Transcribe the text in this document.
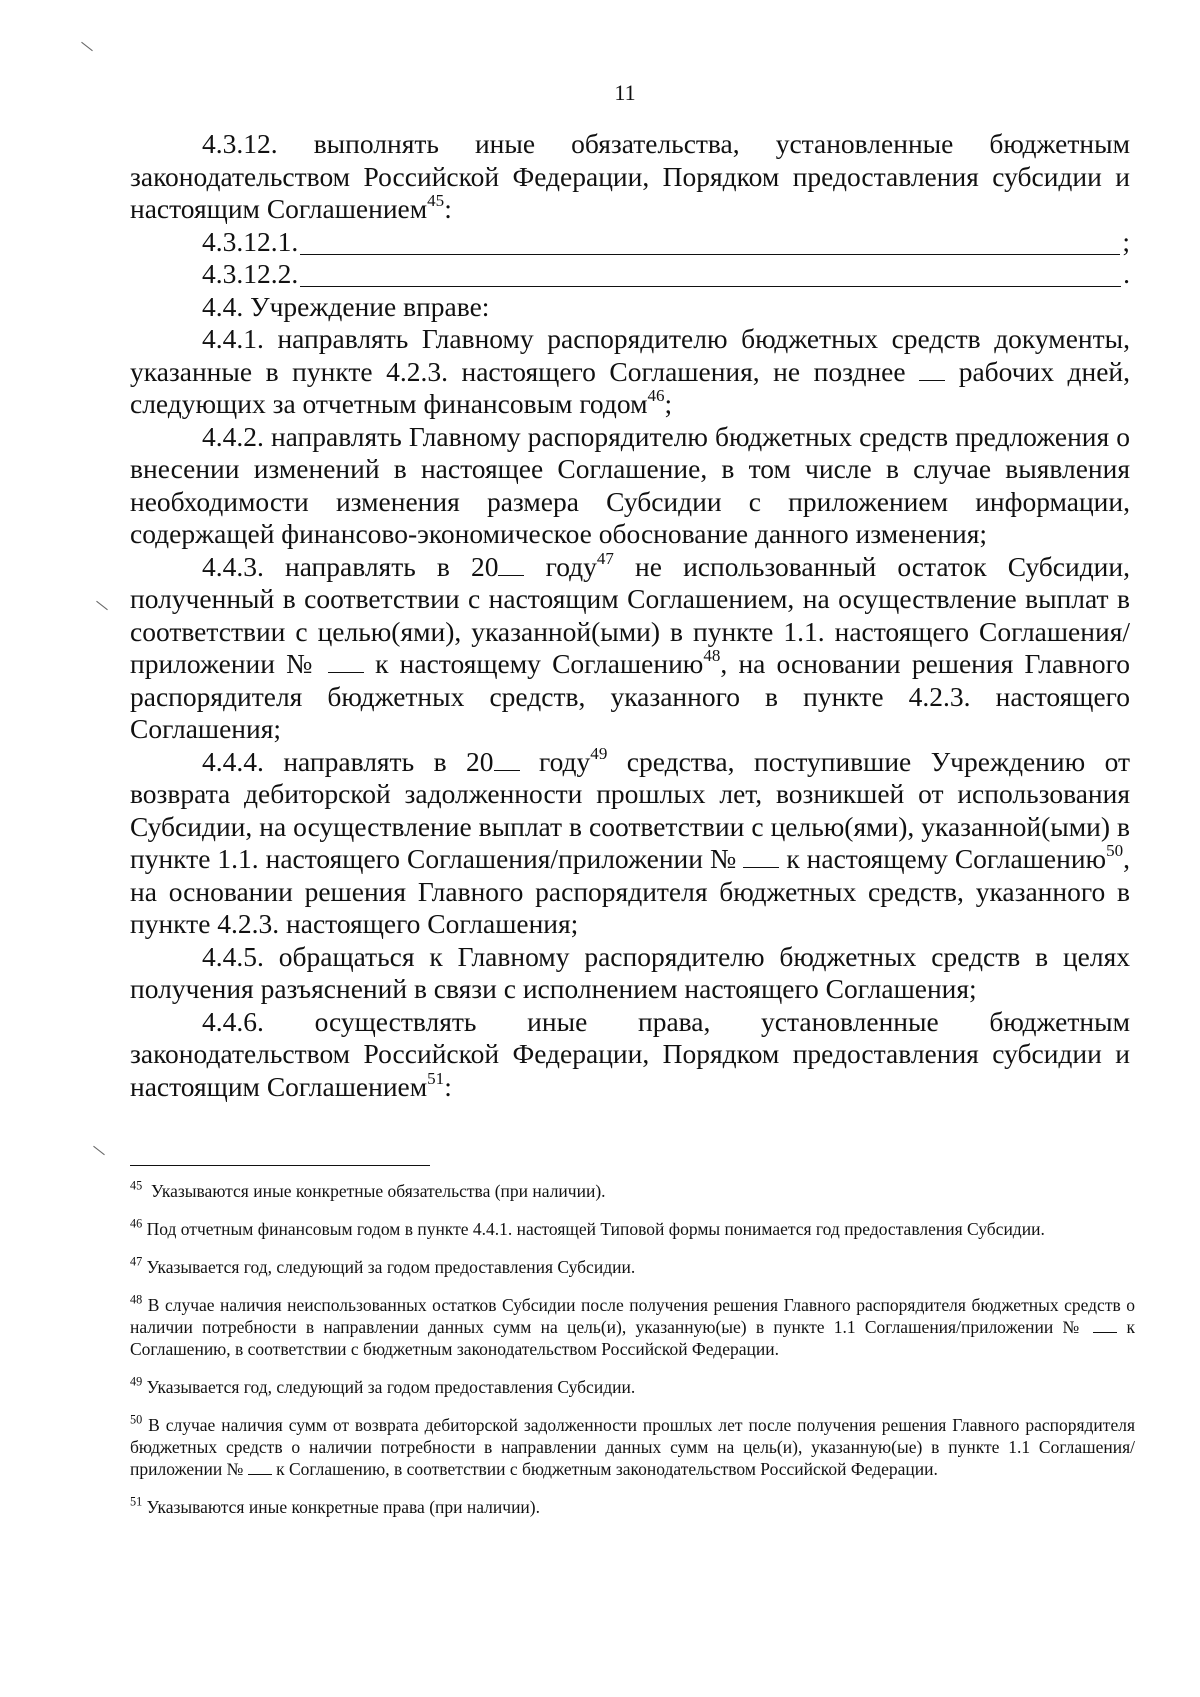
11

4.3.12. выполнять иные обязательства, установленные бюджетным законодательством Российской Федерации, Порядком предоставления субсидии и настоящим Соглашением$^{45}$:

4.3.12.1.	;
4.3.12.2.	.

4.4. Учреждение вправе:

4.4.1. направлять Главному распорядителю бюджетных средств документы, указанные в пункте 4.2.3. настоящего Соглашения, не позднее рабочих дней, следующих за отчетным финансовым годом$^{46}$;

4.4.2. направлять Главному распорядителю бюджетных средств предложения о внесении изменений в настоящее Соглашение, в том числе в случае выявления необходимости изменения размера Субсидии с приложением информации, содержащей финансово-экономическое обоснование данного изменения;

4.4.3. направлять в 20 году$^{47}$ не использованный остаток Субсидии, полученный в соответствии с настоящим Соглашением, на осуществление выплат в соответствии с целью(ями), указанной(ыми) в пункте 1.1. настоящего Соглашения/приложении № к настоящему Соглашению$^{48}$, на основании решения Главного распорядителя бюджетных средств, указанного в пункте 4.2.3. настоящего Соглашения;

4.4.4. направлять в 20 году$^{49}$ средства, поступившие Учреждению от возврата дебиторской задолженности прошлых лет, возникшей от использования Субсидии, на осуществление выплат в соответствии с целью(ями), указанной(ыми) в пункте 1.1. настоящего Соглашения/приложении № к настоящему Соглашению$^{50}$, на основании решения Главного распорядителя бюджетных средств, указанного в пункте 4.2.3. настоящего Соглашения;

4.4.5. обращаться к Главному распорядителю бюджетных средств в целях получения разъяснений в связи с исполнением настоящего Соглашения;

4.4.6. осуществлять иные права, установленные бюджетным законодательством Российской Федерации, Порядком предоставления субсидии и настоящим Соглашением$^{51}$:

$^{45}$ Указываются иные конкретные обязательства (при наличии).

$^{46}$ Под отчетным финансовым годом в пункте 4.4.1. настоящей Типовой формы понимается год предоставления Субсидии.

$^{47}$ Указывается год, следующий за годом предоставления Субсидии.

$^{48}$ В случае наличия неиспользованных остатков Субсидии после получения решения Главного распорядителя бюджетных средств о наличии потребности в направлении данных сумм на цель(и), указанную(ые) в пункте 1.1 Соглашения/приложении № к Соглашению, в соответствии с бюджетным законодательством Российской Федерации.

$^{49}$ Указывается год, следующий за годом предоставления Субсидии.

$^{50}$ В случае наличия сумм от возврата дебиторской задолженности прошлых лет после получения решения Главного распорядителя бюджетных средств о наличии потребности в направлении данных сумм на цель(и), указанную(ые) в пункте 1.1 Соглашения/приложении № к Соглашению, в соответствии с бюджетным законодательством Российской Федерации.

$^{51}$ Указываются иные конкретные права (при наличии).
